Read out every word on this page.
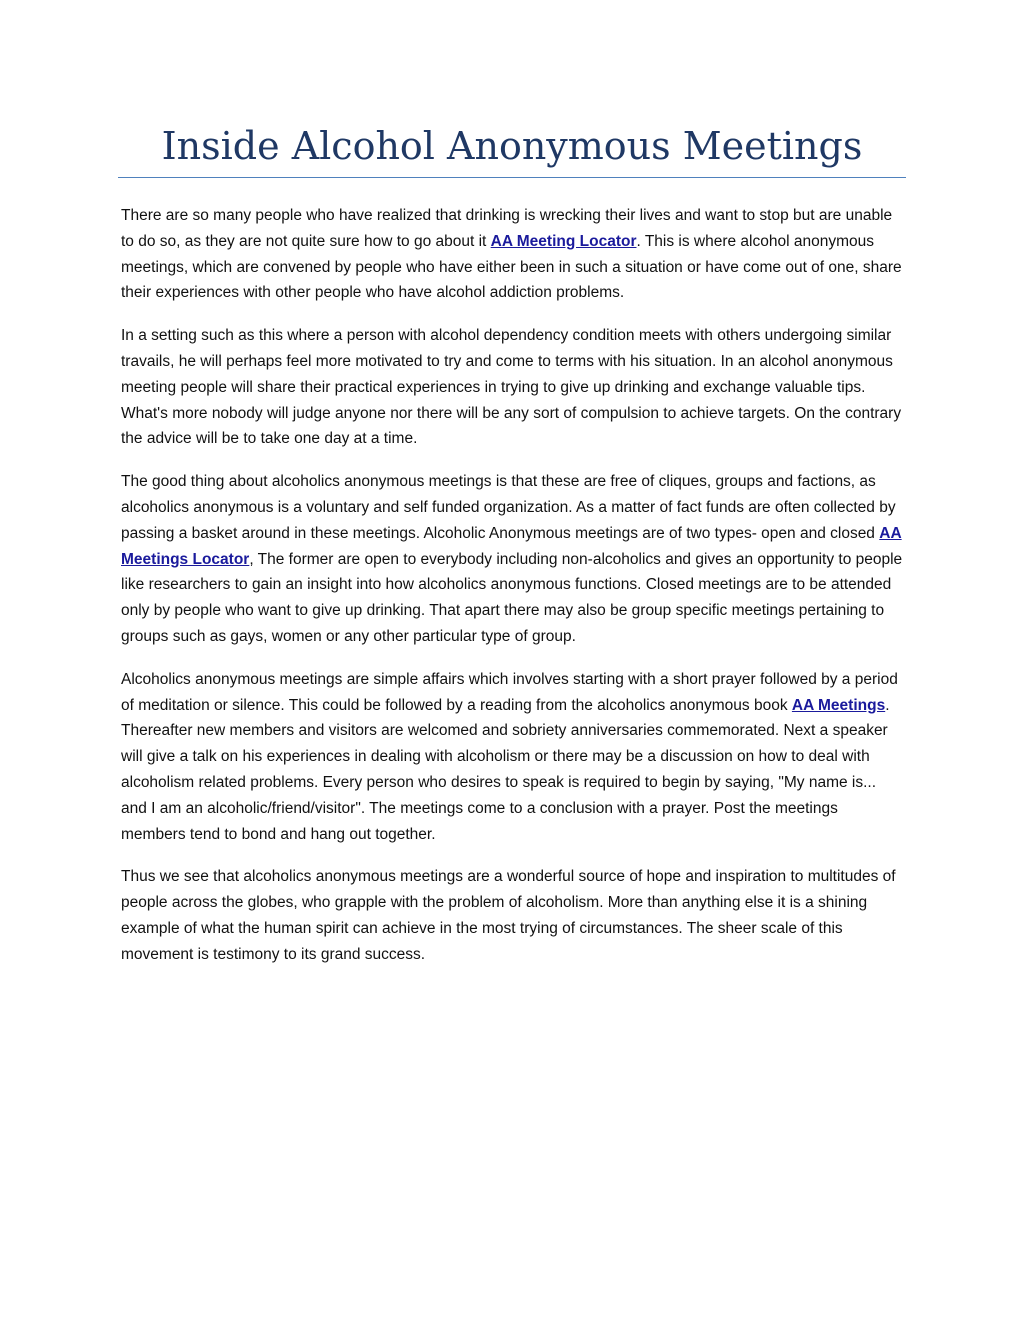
Inside Alcohol Anonymous Meetings

There are so many people who have realized that drinking is wrecking their lives and want to stop but are unable to do so, as they are not quite sure how to go about it AA Meeting Locator. This is where alcohol anonymous meetings, which are convened by people who have either been in such a situation or have come out of one, share their experiences with other people who have alcohol addiction problems.

In a setting such as this where a person with alcohol dependency condition meets with others undergoing similar travails, he will perhaps feel more motivated to try and come to terms with his situation. In an alcohol anonymous meeting people will share their practical experiences in trying to give up drinking and exchange valuable tips. What's more nobody will judge anyone nor there will be any sort of compulsion to achieve targets. On the contrary the advice will be to take one day at a time.

The good thing about alcoholics anonymous meetings is that these are free of cliques, groups and factions, as alcoholics anonymous is a voluntary and self funded organization. As a matter of fact funds are often collected by passing a basket around in these meetings. Alcoholic Anonymous meetings are of two types- open and closed AA Meetings Locator, The former are open to everybody including non-alcoholics and gives an opportunity to people like researchers to gain an insight into how alcoholics anonymous functions. Closed meetings are to be attended only by people who want to give up drinking. That apart there may also be group specific meetings pertaining to groups such as gays, women or any other particular type of group.

Alcoholics anonymous meetings are simple affairs which involves starting with a short prayer followed by a period of meditation or silence. This could be followed by a reading from the alcoholics anonymous book AA Meetings. Thereafter new members and visitors are welcomed and sobriety anniversaries commemorated. Next a speaker will give a talk on his experiences in dealing with alcoholism or there may be a discussion on how to deal with alcoholism related problems. Every person who desires to speak is required to begin by saying, "My name is... and I am an alcoholic/friend/visitor". The meetings come to a conclusion with a prayer. Post the meetings members tend to bond and hang out together.

Thus we see that alcoholics anonymous meetings are a wonderful source of hope and inspiration to multitudes of people across the globes, who grapple with the problem of alcoholism. More than anything else it is a shining example of what the human spirit can achieve in the most trying of circumstances. The sheer scale of this movement is testimony to its grand success.
